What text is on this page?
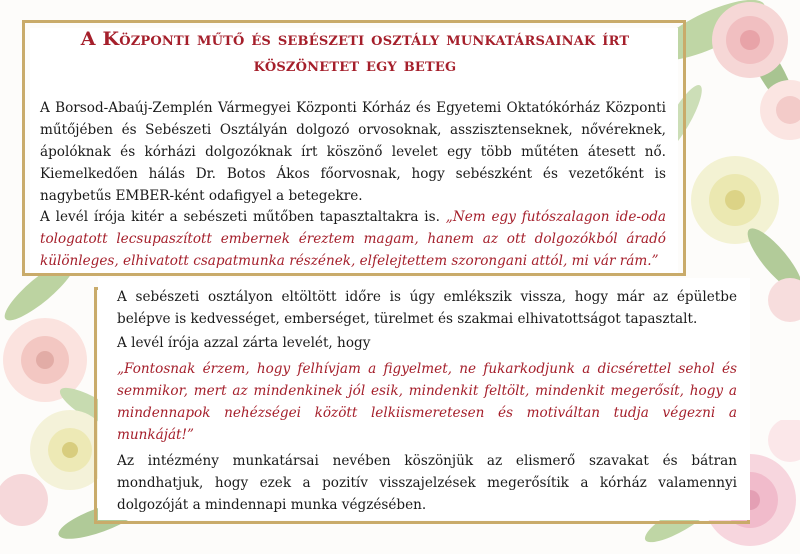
A Központi műtő és sebészeti osztály munkatársainak írt köszönetet egy beteg
A Borsod-Abaúj-Zemplén Vármegyei Központi Kórház és Egyetemi Oktatókórház Központi műtőjében és Sebészeti Osztályán dolgozó orvosoknak, asszisztenseknek, nővéreknek, ápolóknak és kórházi dolgozóknak írt köszönő levelet egy több műtéten átesett nő. Kiemelkedően hálás Dr. Botos Ákos főorvosnak, hogy sebészként és vezetőként is nagybetűs EMBER-ként odafigyel a betegekre.
A levél írója kitér a sebészeti műtőben tapasztaltakra is. „Nem egy futószalagon ide-oda tologatott lecsupaszított embernek éreztem magam, hanem az ott dolgozókból áradó különleges, elhivatott csapatmunka részének, elfelejtettem szorongani attól, mi vár rám.”
A sebészeti osztályon eltöltött időre is úgy emlékszik vissza, hogy már az épületbe belépve is kedvességet, emberséget, türelmet és szakmai elhivatottságot tapasztalt.
A levél írója azzal zárta levelét, hogy
„Fontosnak érzem, hogy felhívjam a figyelmet, ne fukarkodjunk a dicsérettel sehol és semmikor, mert az mindenkinek jól esik, mindenkit feltölt, mindenkit megerősít, hogy a mindennapok nehézségei között lelkiismeretesen és motiváltan tudja végezni a munkáját!”
Az intézmény munkatársai nevében köszönjük az elismerő szavakat és bátran mondhatjuk, hogy ezek a pozitív visszajelzések megerősítik a kórház valamennyi dolgozóját a mindennapi munka végzésében.
